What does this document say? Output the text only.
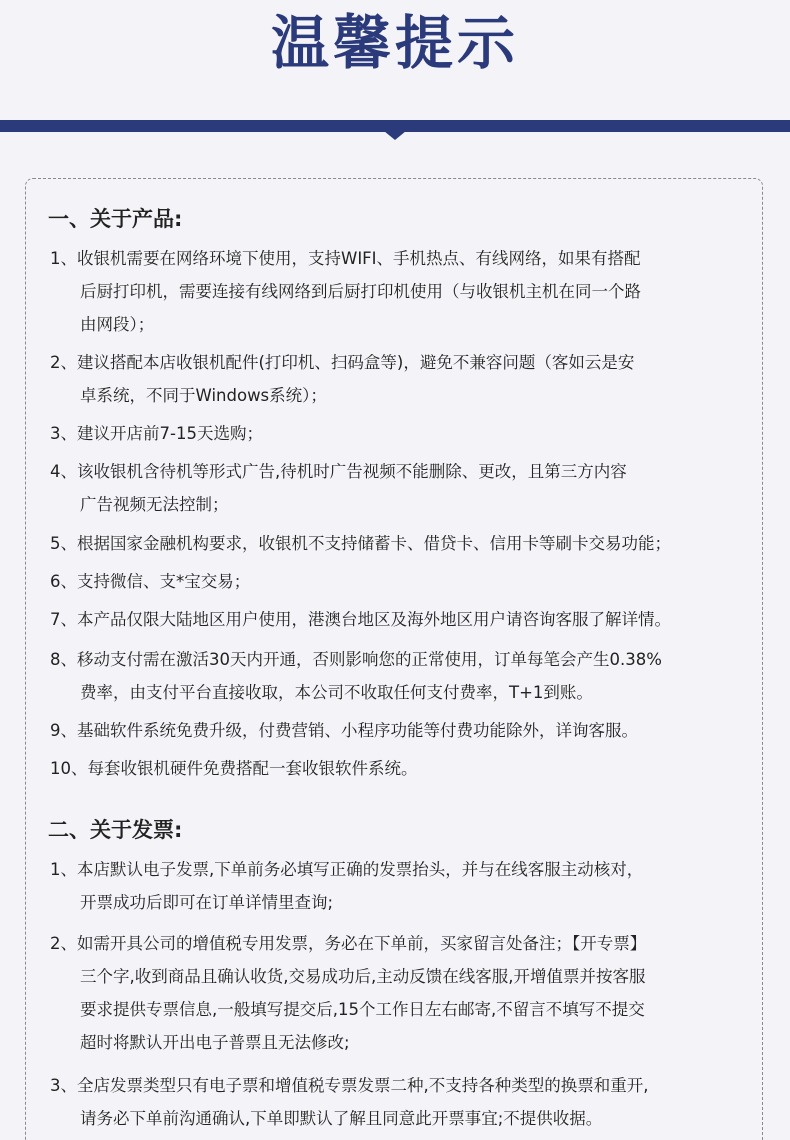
温馨提示
一、关于产品:
1、收银机需要在网络环境下使用，支持WIFI、手机热点、有线网络，如果有搭配
后厨打印机，需要连接有线网络到后厨打印机使用（与收银机主机在同一个路
由网段）；
2、建议搭配本店收银机配件(打印机、扫码盒等)，避免不兼容问题（客如云是安
卓系统，不同于Windows系统）；
3、建议开店前7-15天选购；
4、该收银机含待机等形式广告,待机时广告视频不能删除、更改，且第三方内容
广告视频无法控制；
5、根据国家金融机构要求，收银机不支持储蓄卡、借贷卡、信用卡等刷卡交易功能；
6、支持微信、支*宝交易；
7、本产品仅限大陆地区用户使用，港澳台地区及海外地区用户请咨询客服了解详情。
8、移动支付需在激活30天内开通，否则影响您的正常使用，订单每笔会产生0.38%
费率，由支付平台直接收取，本公司不收取任何支付费率，T+1到账。
9、基础软件系统免费升级，付费营销、小程序功能等付费功能除外，详询客服。
10、每套收银机硬件免费搭配一套收银软件系统。
二、关于发票:
1、本店默认电子发票,下单前务必填写正确的发票抬头，并与在线客服主动核对，
开票成功后即可在订单详情里查询;
2、如需开具公司的增值税专用发票，务必在下单前，买家留言处备注；【开专票】
三个字,收到商品且确认收货,交易成功后,主动反馈在线客服,开增值票并按客服
要求提供专票信息,一般填写提交后,15个工作日左右邮寄,不留言不填写不提交
超时将默认开出电子普票且无法修改;
3、全店发票类型只有电子票和增值税专票发票二种,不支持各种类型的换票和重开,
请务必下单前沟通确认,下单即默认了解且同意此开票事宜;不提供收据。
